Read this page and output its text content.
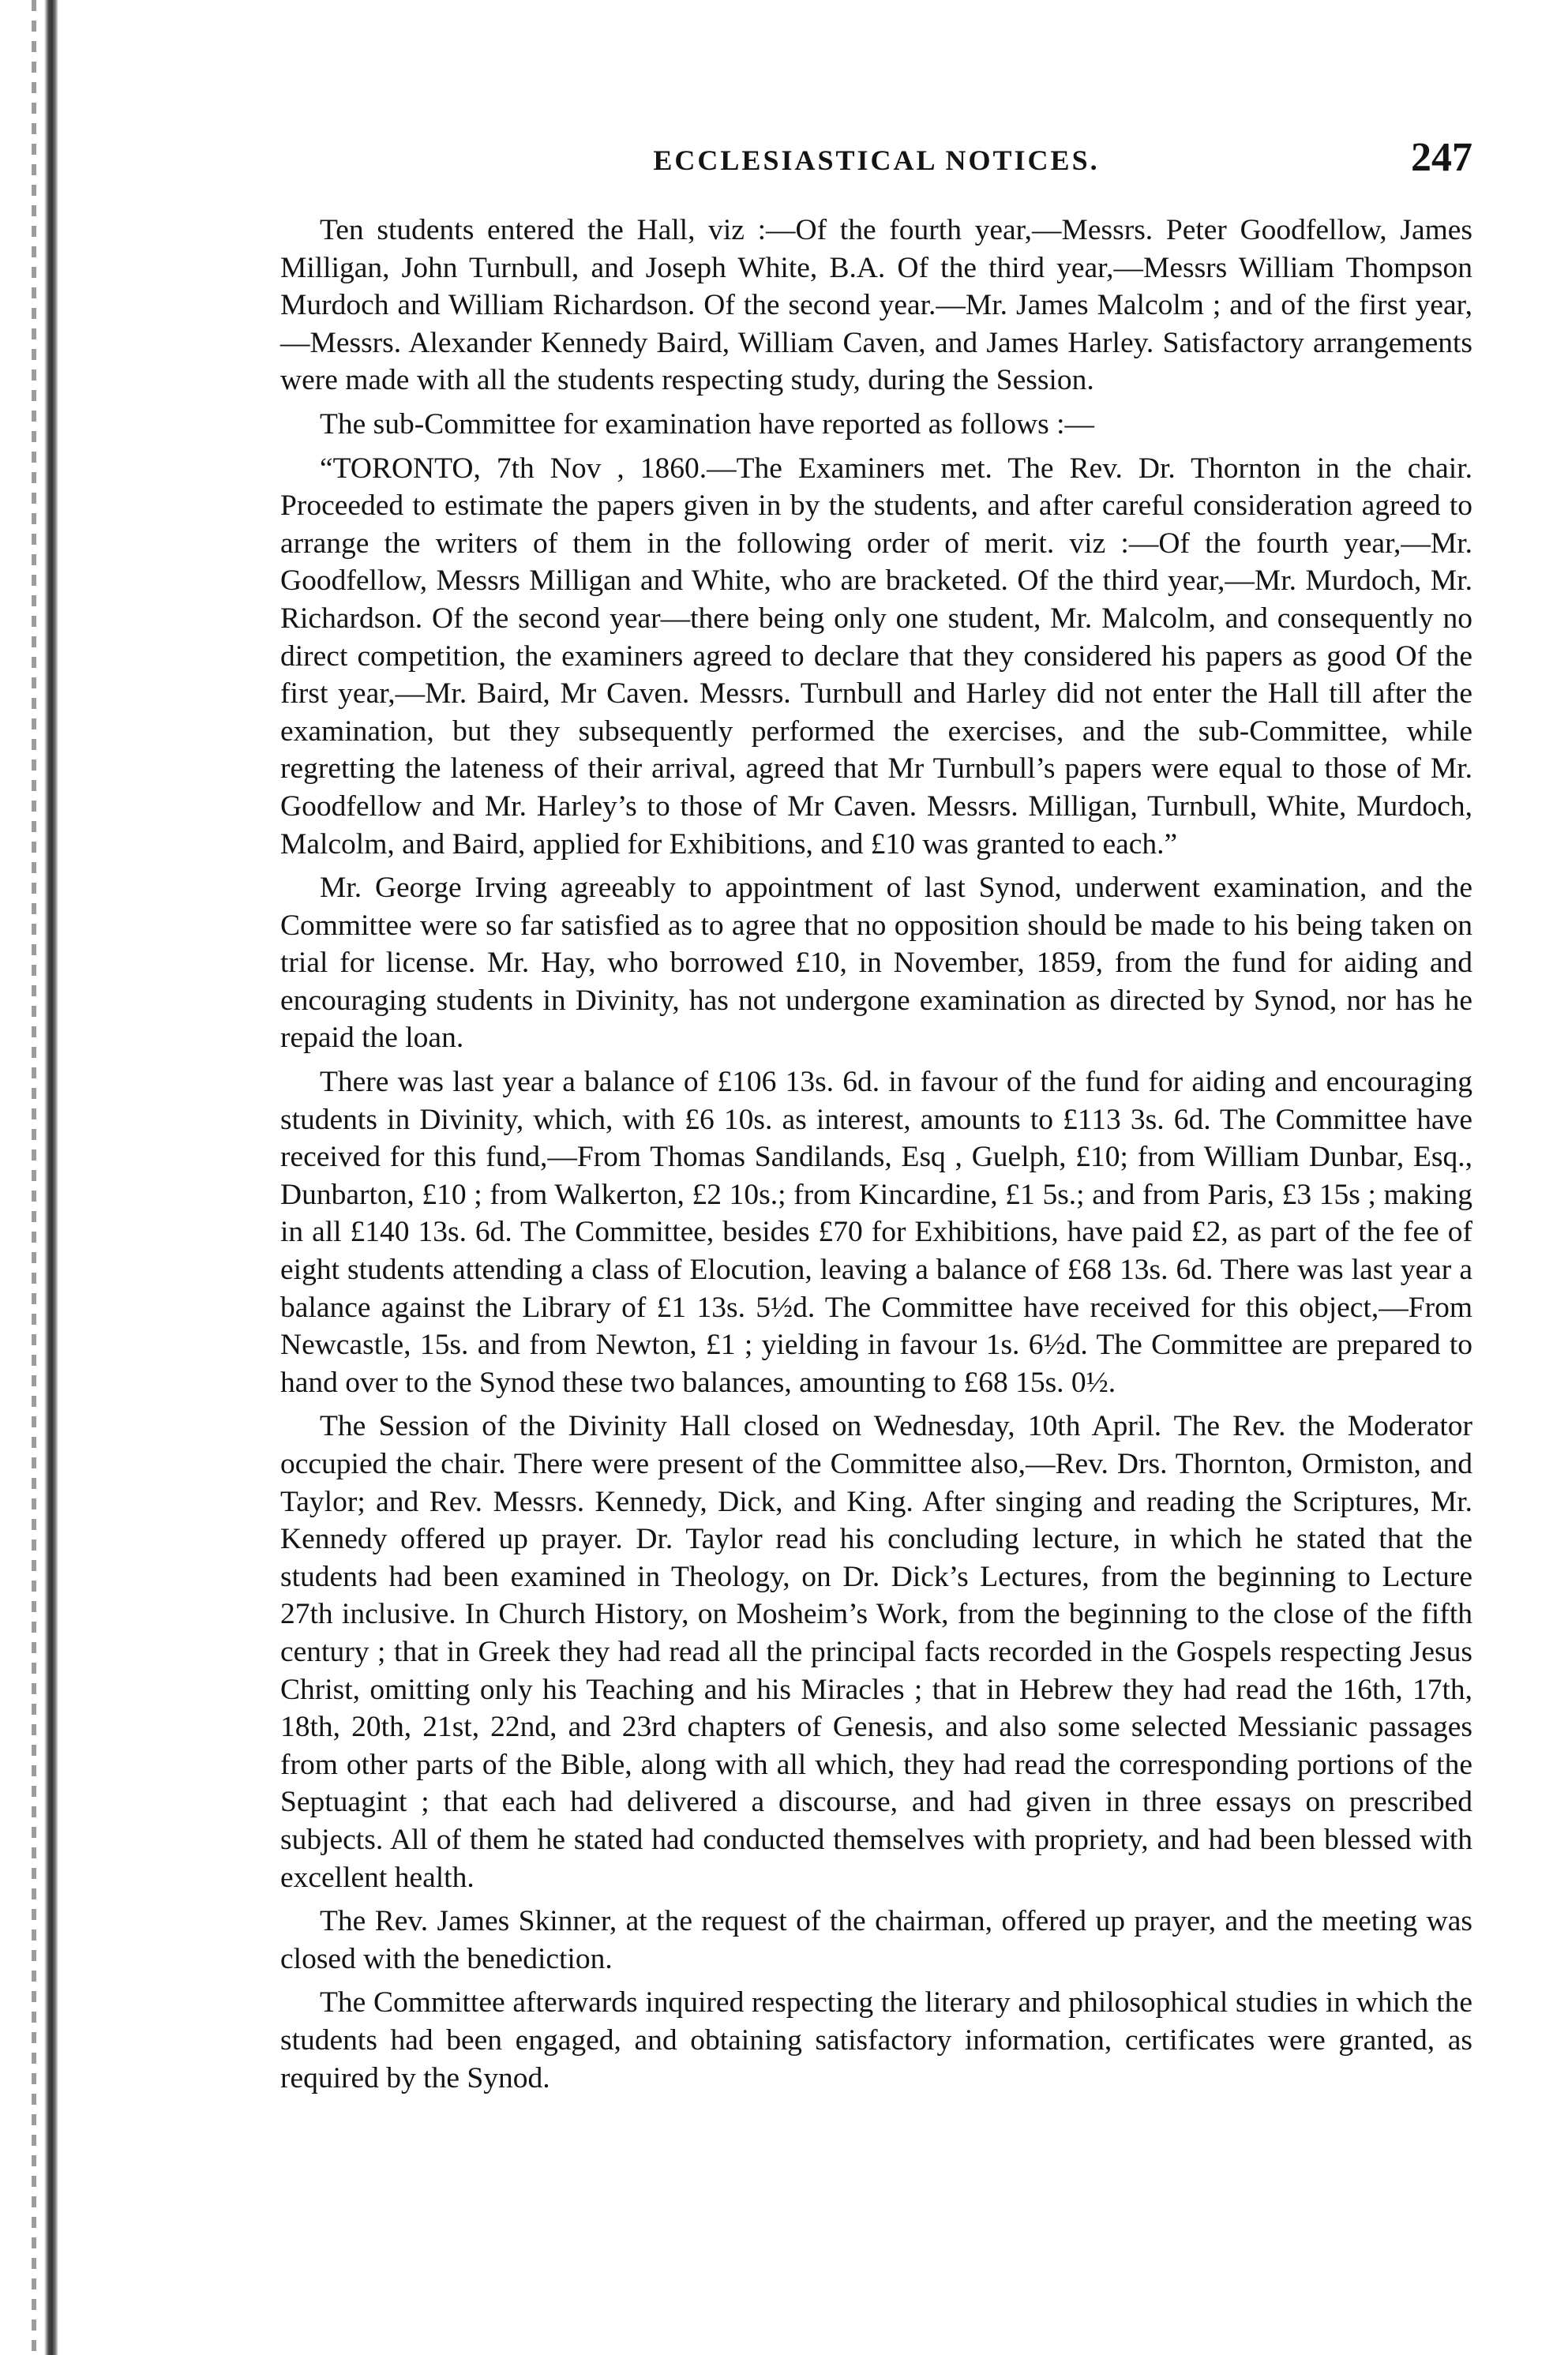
ECCLESIASTICAL NOTICES.	247

Ten students entered the Hall, viz :—Of the fourth year,—Messrs. Peter Goodfellow, James Milligan, John Turnbull, and Joseph White, B.A. Of the third year,—Messrs William Thompson Murdoch and William Richardson. Of the second year.—Mr. James Malcolm ; and of the first year,—Messrs. Alexander Kennedy Baird, William Caven, and James Harley. Satisfactory arrangements were made with all the students respecting study, during the Session.

The sub-Committee for examination have reported as follows :—

“TORONTO, 7th Nov , 1860.—The Examiners met. The Rev. Dr. Thornton in the chair. Proceeded to estimate the papers given in by the students, and after careful consideration agreed to arrange the writers of them in the following order of merit. viz :—Of the fourth year,—Mr. Goodfellow, Messrs Milligan and White, who are bracketed. Of the third year,—Mr. Murdoch, Mr. Richardson. Of the second year—there being only one student, Mr. Malcolm, and consequently no direct competition, the examiners agreed to declare that they considered his papers as good Of the first year,—Mr. Baird, Mr Caven. Messrs. Turnbull and Harley did not enter the Hall till after the examination, but they subsequently performed the exercises, and the sub-Committee, while regretting the lateness of their arrival, agreed that Mr Turnbull’s papers were equal to those of Mr. Goodfellow and Mr. Harley’s to those of Mr Caven. Messrs. Milligan, Turnbull, White, Murdoch, Malcolm, and Baird, applied for Exhibitions, and £10 was granted to each.”

Mr. George Irving agreeably to appointment of last Synod, underwent examination, and the Committee were so far satisfied as to agree that no opposition should be made to his being taken on trial for license. Mr. Hay, who borrowed £10, in November, 1859, from the fund for aiding and encouraging students in Divinity, has not undergone examination as directed by Synod, nor has he repaid the loan.

There was last year a balance of £106 13s. 6d. in favour of the fund for aiding and encouraging students in Divinity, which, with £6 10s. as interest, amounts to £113 3s. 6d. The Committee have received for this fund,—From Thomas Sandilands, Esq , Guelph, £10; from William Dunbar, Esq., Dunbarton, £10 ; from Walkerton, £2 10s.; from Kincardine, £1 5s.; and from Paris, £3 15s ; making in all £140 13s. 6d. The Committee, besides £70 for Exhibitions, have paid £2, as part of the fee of eight students attending a class of Elocution, leaving a balance of £68 13s. 6d. There was last year a balance against the Library of £1 13s. 5½d. The Committee have received for this object,—From Newcastle, 15s. and from Newton, £1 ; yielding in favour 1s. 6½d. The Committee are prepared to hand over to the Synod these two balances, amounting to £68 15s. 0½.

The Session of the Divinity Hall closed on Wednesday, 10th April. The Rev. the Moderator occupied the chair. There were present of the Committee also,—Rev. Drs. Thornton, Ormiston, and Taylor; and Rev. Messrs. Kennedy, Dick, and King. After singing and reading the Scriptures, Mr. Kennedy offered up prayer. Dr. Taylor read his concluding lecture, in which he stated that the students had been examined in Theology, on Dr. Dick’s Lectures, from the beginning to Lecture 27th inclusive. In Church History, on Mosheim’s Work, from the beginning to the close of the fifth century ; that in Greek they had read all the principal facts recorded in the Gospels respecting Jesus Christ, omitting only his Teaching and his Miracles ; that in Hebrew they had read the 16th, 17th, 18th, 20th, 21st, 22nd, and 23rd chapters of Genesis, and also some selected Messianic passages from other parts of the Bible, along with all which, they had read the corresponding portions of the Septuagint ; that each had delivered a discourse, and had given in three essays on prescribed subjects. All of them he stated had conducted themselves with propriety, and had been blessed with excellent health.

The Rev. James Skinner, at the request of the chairman, offered up prayer, and the meeting was closed with the benediction.

The Committee afterwards inquired respecting the literary and philosophical studies in which the students had been engaged, and obtaining satisfactory information, certificates were granted, as required by the Synod.
